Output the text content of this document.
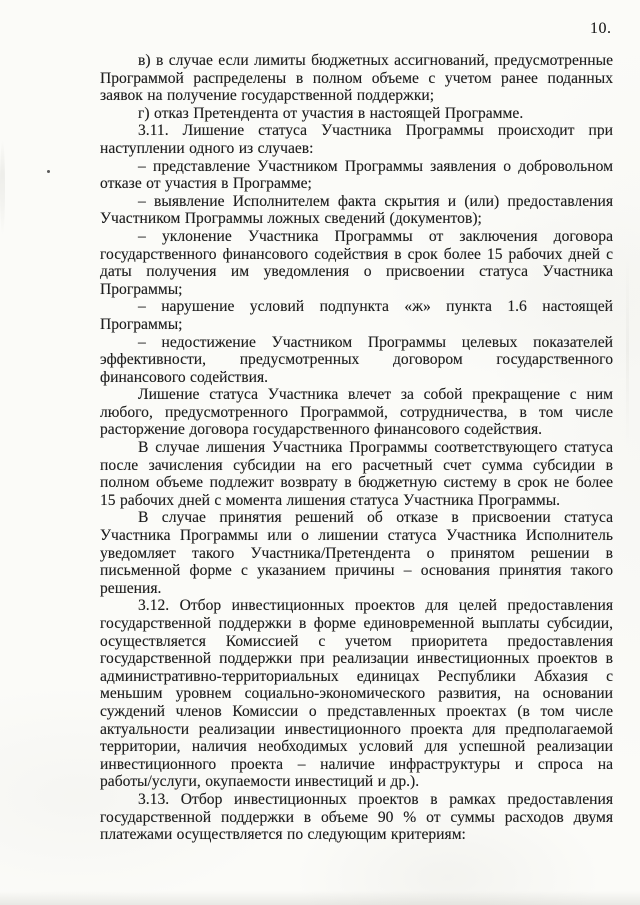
10.

в) в случае если лимиты бюджетных ассигнований, предусмотренные
Программой распределены в полном объеме с учетом ранее поданных
заявок на получение государственной поддержки;

г) отказ Претендента от участия в настоящей Программе.

3.11. Лишение статуса Участника Программы происходит при
наступлении одного из случаев:

– представление Участником Программы заявления о добровольном
отказе от участия в Программе;

– выявление Исполнителем факта скрытия и (или) предоставления
Участником Программы ложных сведений (документов);

– уклонение Участника Программы от заключения договора
государственного финансового содействия в срок более 15 рабочих дней с
даты получения им уведомления о присвоении статуса Участника
Программы;

– нарушение условий подпункта «ж» пункта 1.6 настоящей
Программы;

– недостижение Участником Программы целевых показателей
эффективности, предусмотренных договором государственного
финансового содействия.

Лишение статуса Участника влечет за собой прекращение с ним
любого, предусмотренного Программой, сотрудничества, в том числе
расторжение договора государственного финансового содействия.

В случае лишения Участника Программы соответствующего статуса
после зачисления субсидии на его расчетный счет сумма субсидии в
полном объеме подлежит возврату в бюджетную систему в срок не более
15 рабочих дней с момента лишения статуса Участника Программы.

В случае принятия решений об отказе в присвоении статуса
Участника Программы или о лишении статуса Участника Исполнитель
уведомляет такого Участника/Претендента о принятом решении в
письменной форме с указанием причины – основания принятия такого
решения.

3.12. Отбор инвестиционных проектов для целей предоставления
государственной поддержки в форме единовременной выплаты субсидии,
осуществляется Комиссией с учетом приоритета предоставления
государственной поддержки при реализации инвестиционных проектов в
административно-территориальных единицах Республики Абхазия с
меньшим уровнем социально-экономического развития, на основании
суждений членов Комиссии о представленных проектах (в том числе
актуальности реализации инвестиционного проекта для предполагаемой
территории, наличия необходимых условий для успешной реализации
инвестиционного проекта – наличие инфраструктуры и спроса на
работы/услуги, окупаемости инвестиций и др.).

3.13. Отбор инвестиционных проектов в рамках предоставления
государственной поддержки в объеме 90 % от суммы расходов двумя
платежами осуществляется по следующим критериям:
